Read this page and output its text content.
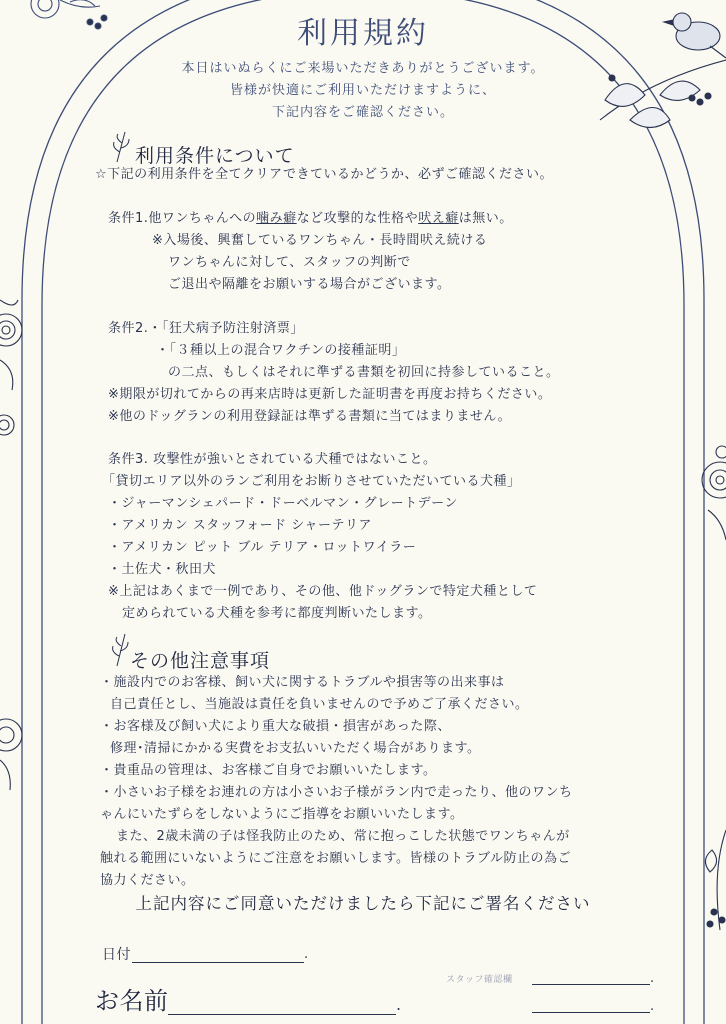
利用規約
本日はいぬらくにご来場いただきありがとうございます。
皆様が快適にご利用いただけますように、
下記内容をご確認ください。
利用条件について
☆下記の利用条件を全てクリアできているかどうか、必ずご確認ください。
条件1.他ワンちゃんへの噛み癖など攻撃的な性格や吠え癖は無い。
※入場後、興奮しているワンちゃん・長時間吠え続ける
ワンちゃんに対して、スタッフの判断で
ご退出や隔離をお願いする場合がございます。
条件2.・「狂犬病予防注射済票」
・「３種以上の混合ワクチンの接種証明」
の二点、もしくはそれに準ずる書類を初回に持参していること。
※期限が切れてからの再来店時は更新した証明書を再度お持ちください。
※他のドッグランの利用登録証は準ずる書類に当てはまりません。
条件3. 攻撃性が強いとされている犬種ではないこと。
「貸切エリア以外のランご利用をお断りさせていただいている犬種」
・ジャーマンシェパード・ドーベルマン・グレートデーン
・アメリカン スタッフォード シャーテリア
・アメリカン ピット ブル テリア・ロットワイラー
・土佐犬・秋田犬
※上記はあくまで一例であり、その他、他ドッグランで特定犬種として
定められている犬種を参考に都度判断いたします。
その他注意事項
・施設内でのお客様、飼い犬に関するトラブルや損害等の出来事は
自己責任とし、当施設は責任を負いませんので予めご了承ください。
・お客様及び飼い犬により重大な破損・損害があった際、
修理･清掃にかかる実費をお支払いいただく場合があります。
・貴重品の管理は、お客様ご自身でお願いいたします。
・小さいお子様をお連れの方は小さいお子様がラン内で走ったり、他のワンち
ゃんにいたずらをしないようにご指導をお願いいたします。
また、2歳未満の子は怪我防止のため、常に抱っこした状態でワンちゃんが
触れる範囲にいないようにご注意をお願いします。皆様のトラブル防止の為ご
協力ください。
上記内容にご同意いただけましたら下記にご署名ください
日付	.
スタッフ確認欄	.
お名前	.	.
